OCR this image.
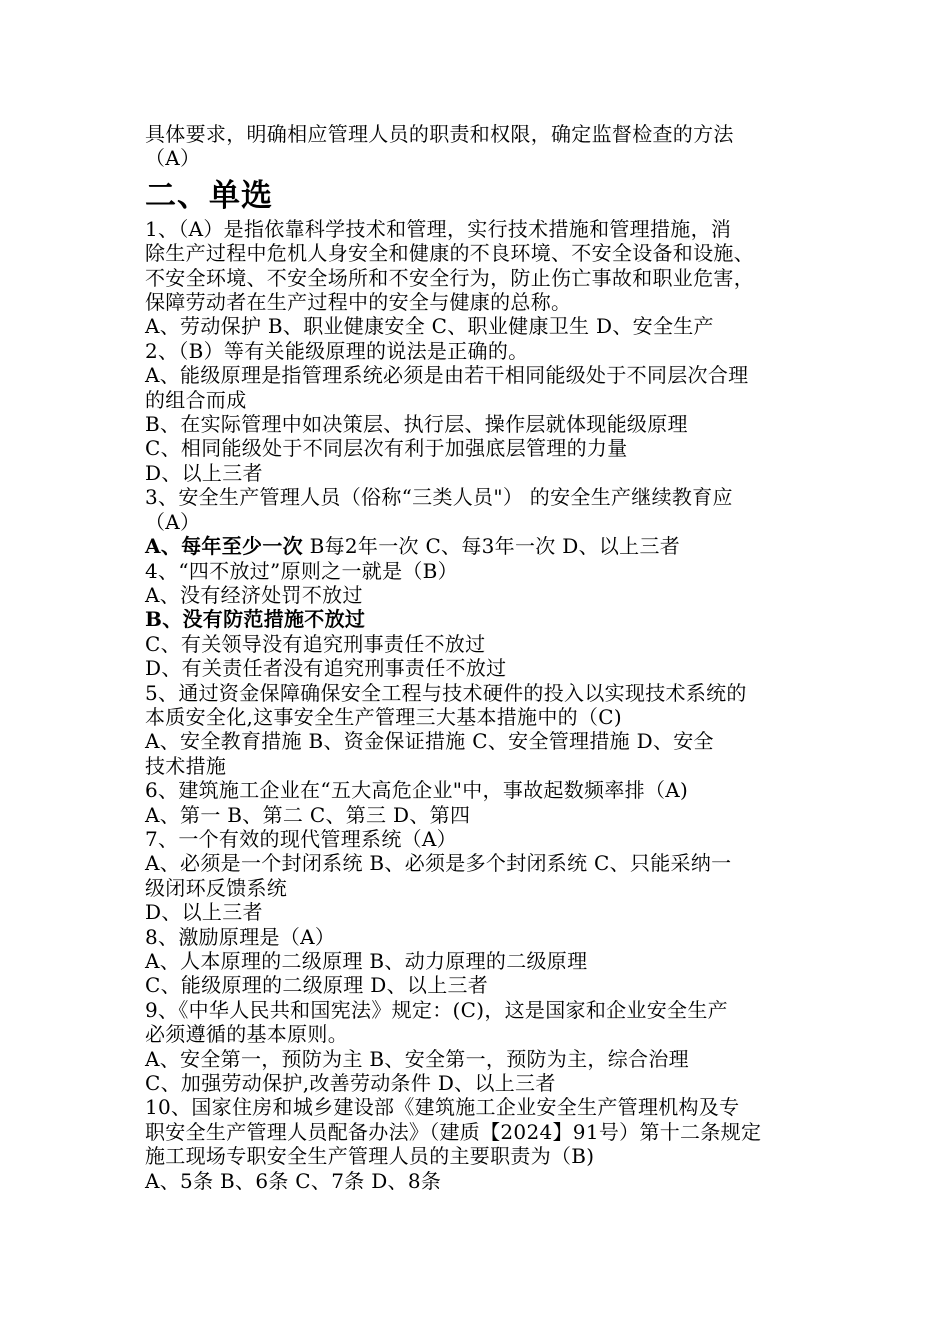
具体要求，明确相应管理人员的职责和权限，确定监督检查的方法
（A）
二、单选
1、（A）是指依靠科学技术和管理，实行技术措施和管理措施，消
除生产过程中危机人身安全和健康的不良环境、不安全设备和设施、
不安全环境、不安全场所和不安全行为，防止伤亡事故和职业危害，
保障劳动者在生产过程中的安全与健康的总称。
A、劳动保护 B、职业健康安全 C、职业健康卫生 D、安全生产
2、（B）等有关能级原理的说法是正确的。
A、能级原理是指管理系统必须是由若干相同能级处于不同层次合理
的组合而成
B、在实际管理中如决策层、执行层、操作层就体现能级原理
C、相同能级处于不同层次有利于加强底层管理的力量
D、以上三者
3、安全生产管理人员（俗称“三类人员"） 的安全生产继续教育应
（A）
A、每年至少一次 B每2年一次 C、每3年一次 D、以上三者
4、“四不放过”原则之一就是（B）
A、没有经济处罚不放过
B、没有防范措施不放过
C、有关领导没有追究刑事责任不放过
D、有关责任者没有追究刑事责任不放过
5、通过资金保障确保安全工程与技术硬件的投入以实现技术系统的
本质安全化,这事安全生产管理三大基本措施中的（C)
A、安全教育措施 B、资金保证措施 C、安全管理措施 D、安全
技术措施
6、建筑施工企业在“五大高危企业"中，事故起数频率排（A)
A、第一 B、第二 C、第三 D、第四
7、一个有效的现代管理系统（A）
A、必须是一个封闭系统 B、必须是多个封闭系统 C、只能采纳一
级闭环反馈系统
D、以上三者
8、激励原理是（A）
A、人本原理的二级原理 B、动力原理的二级原理
C、能级原理的二级原理 D、以上三者
9、《中华人民共和国宪法》规定：(C)，这是国家和企业安全生产
必须遵循的基本原则。
A、安全第一，预防为主 B、安全第一，预防为主，综合治理
C、加强劳动保护,改善劳动条件 D、以上三者
10、国家住房和城乡建设部《建筑施工企业安全生产管理机构及专
职安全生产管理人员配备办法》（建质【2024】91号）第十二条规定
施工现场专职安全生产管理人员的主要职责为（B)
A、5条 B、6条 C、7条 D、8条
